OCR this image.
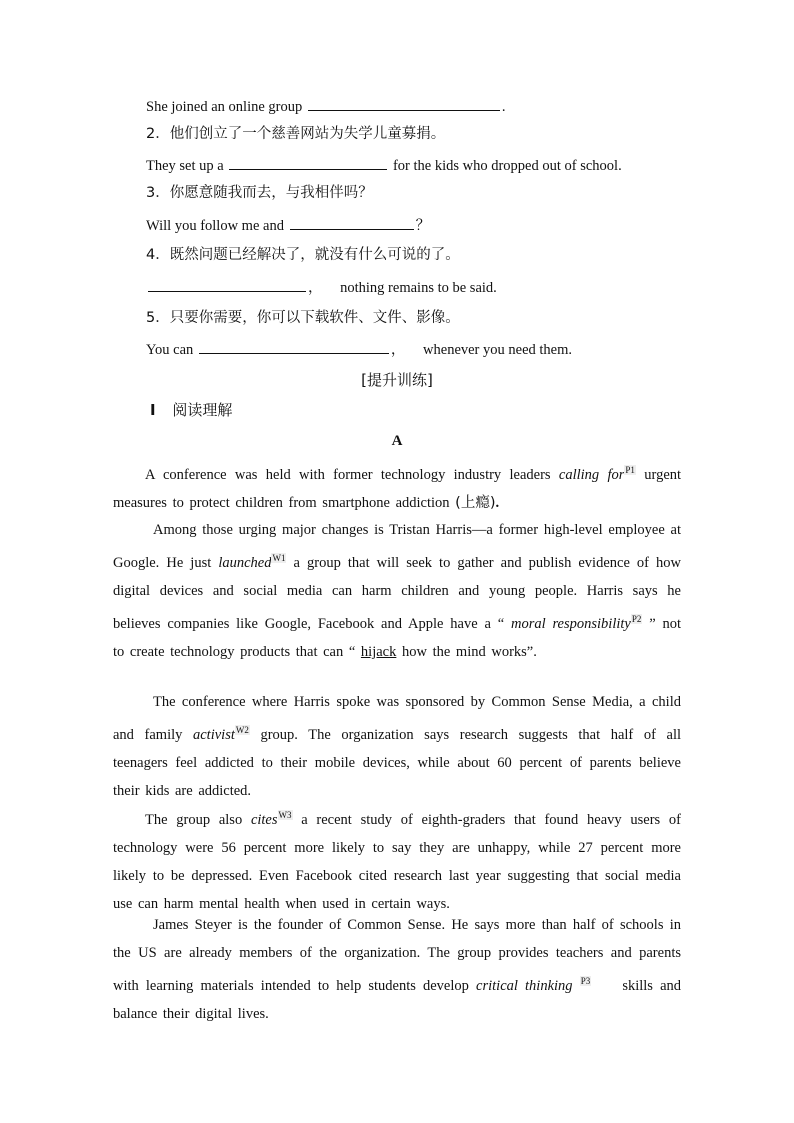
She joined an online group	.
2．他们创立了一个慈善网站为失学儿童募捐。
They set up a	for the kids who dropped out of school.
3．你愿意随我而去，与我相伴吗？
Will you follow me and	？
4．既然问题已经解决了，就没有什么可说的了。
， nothing remains to be said.
5．只要你需要，你可以下载软件、文件、影像。
You can	， whenever you need them.
[提升训练]
Ⅰ 阅读理解
A
A conference was held with former technology industry leaders calling for$^{P1}$ urgent measures to protect children from smartphone addiction (上瘾).
Among those urging major changes is Tristan Harris—a former high-level employee at Google. He just launched$^{W1}$ a group that will seek to gather and publish evidence of how digital devices and social media can harm children and young people. Harris says he believes companies like Google, Facebook and Apple have a “ moral responsibility$^{P2}$ ” not to create technology products that can “ hijack how the mind works”.
The conference where Harris spoke was sponsored by Common Sense Media, a child and family activist$^{W2}$ group. The organization says research suggests that half of all teenagers feel addicted to their mobile devices, while about 60 percent of parents believe their kids are addicted.
The group also cites$^{W3}$ a recent study of eighth-graders that found heavy users of technology were 56 percent more likely to say they are unhappy, while 27 percent more likely to be depressed. Even Facebook cited research last year suggesting that social media use can harm mental health when used in certain ways.
James Steyer is the founder of Common Sense. He says more than half of schools in the US are already members of the organization. The group provides teachers and parents with learning materials intended to help students develop critical thinking $^{P3}$ skills and balance their digital lives.
